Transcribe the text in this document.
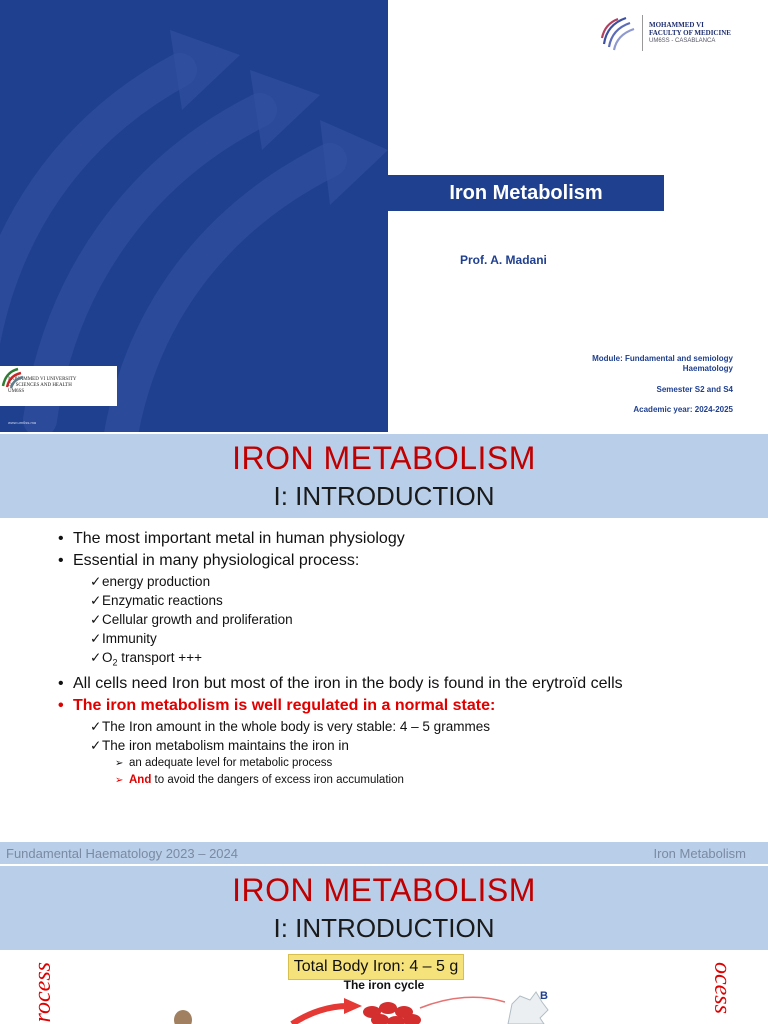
MOHAMMED VI UNIVERSITY
OF SCIENCES AND HEALTH
UM6SS
www.um6ss.ma
MOHAMMED VI
FACULTY OF MEDICINE
UM6SS - CASABLANCA
Iron Metabolism
Prof. A. Madani
Module: Fundamental and semiology
Haematology
Semester S2 and S4
Academic year: 2024-2025
IRON METABOLISM
I: INTRODUCTION
• The most important metal in human physiology
• Essential in many physiological process:
✓ energy production
✓ Enzymatic reactions
✓ Cellular growth and proliferation
✓ Immunity
✓ $O_2$ transport +++
• All cells need Iron but most of the iron in the body is found in the erytroïd cells
• The iron metabolism is well regulated in a normal state:
✓ The Iron amount in the whole body is very stable: 4 – 5 grammes
✓ The iron metabolism maintains the iron in
➢ an adequate level for metabolic process
➢ And to avoid the dangers of excess iron accumulation
Fundamental Haematology 2023 – 2024	Iron Metabolism
IRON METABOLISM
I: INTRODUCTION
Total Body Iron: 4 – 5 g
The iron cycle
B
rocess	ocess
